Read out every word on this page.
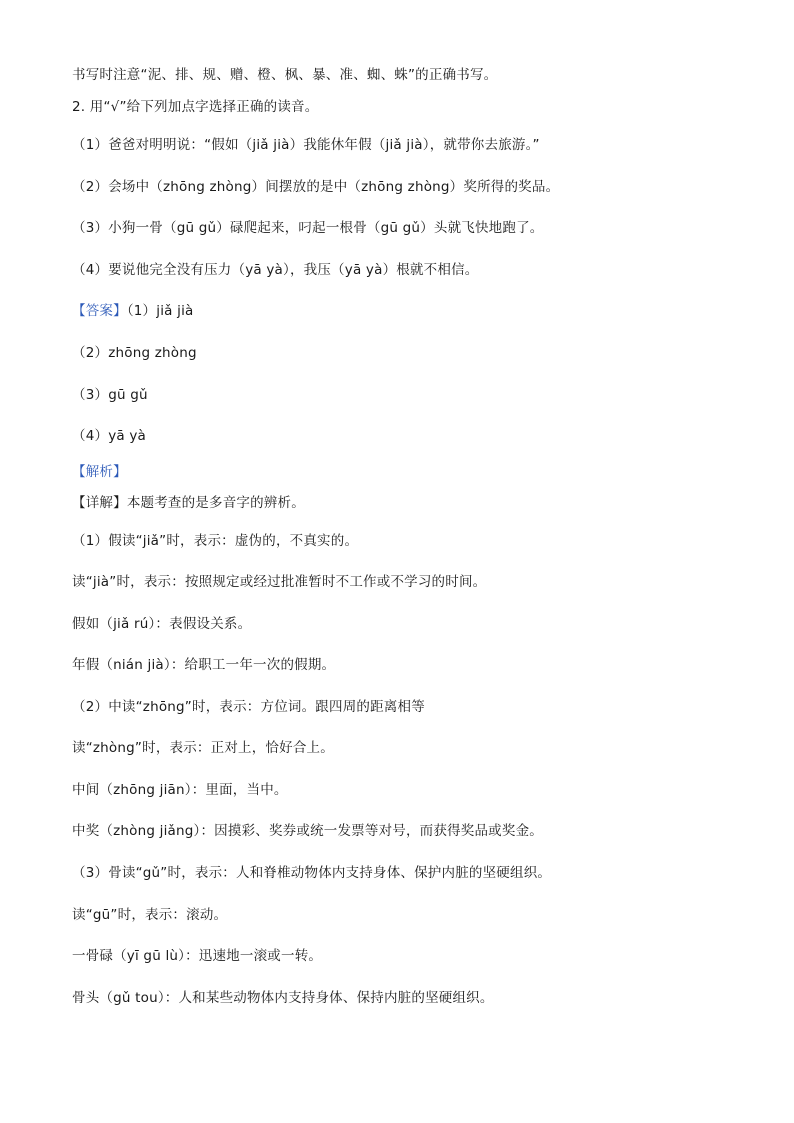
书写时注意“泥、排、规、赠、橙、枫、暴、准、蜘、蛛”的正确书写。
2. 用“√”给下列加点字选择正确的读音。
（1）爸爸对明明说：“假如（jiǎ jià）我能休年假（jiǎ jià），就带你去旅游。”
（2）会场中（zhōng zhòng）间摆放的是中（zhōng zhòng）奖所得的奖品。
（3）小狗一骨（gū gǔ）碌爬起来，叼起一根骨（gū gǔ）头就飞快地跑了。
（4）要说他完全没有压力（yā yà），我压（yā yà）根就不相信。
【答案】（1）jiǎ jià
（2）zhōng zhòng
（3）gū gǔ
（4）yā yà
【解析】
【详解】本题考查的是多音字的辨析。
（1）假读“jiǎ”时，表示：虚伪的，不真实的。
读“jià”时，表示：按照规定或经过批准暂时不工作或不学习的时间。
假如（jiǎ rú）：表假设关系。
年假（nián jià）：给职工一年一次的假期。
（2）中读“zhōng”时，表示：方位词。跟四周的距离相等
读“zhòng”时，表示：正对上，恰好合上。
中间（zhōng jiān）：里面，当中。
中奖（zhòng jiǎng）：因摸彩、奖券或统一发票等对号，而获得奖品或奖金。
（3）骨读“gǔ”时，表示：人和脊椎动物体内支持身体、保护内脏的坚硬组织。
读“gū”时，表示：滚动。
一骨碌（yī gū lù）：迅速地一滚或一转。
骨头（gǔ tou）：人和某些动物体内支持身体、保持内脏的坚硬组织。
